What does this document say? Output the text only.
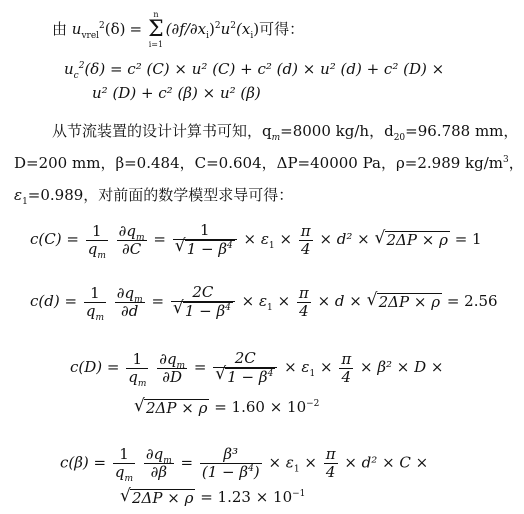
由 $u_{vrel}^2(\delta)$ =
n
Σ
i=1
$(\partial f/\partial x_i)^2u^2(x_i)$可得：
$u_c^2(\delta) = c^2$ (C) × u² (C) + c² (d) × u² (d) + c² (D) ×
u² (D) + c² (β) × u² (β)
从节流装置的设计计算书可知，$q_m=8000$ kg/h，$d_{20}=96.788$ mm，
D=200 mm，β=0.484，C=0.604，ΔP=40000 Pa，ρ=2.989 $kg/m^3$，
$\varepsilon_1=0.989$，对前面的数学模型求导可得：
$c(C) = \frac{1}{q_m}$
$\frac{\partial q_m}{\partial C} = 1$
√ $1 - \beta^4 \times \varepsilon_1 \times \frac{\pi}{4} \times d^2$ × √ 2ΔP × ρ = 1
$c(d) = \frac{1}{q_m}$
$\frac{\partial q_m}{\partial d} = 2C$
√ $1 - \beta^4 \times \varepsilon_1 \times \frac{\pi}{4} \times d$ × √ 2ΔP × ρ = 2.56
$c(D) = \frac{1}{q_m}$
$\frac{\partial q_m}{\partial D} = 2C$
√ $1 - \beta^4 \times \varepsilon_1 \times \frac{\pi}{4} \times \beta^2 \times D$ ×
√ $2\Delta P \times \rho = 1.60 \times 10^{-2}$
$c(\beta) = \frac{1}{q_m}$
$\frac{\partial q_m}{\partial\beta} = \frac{\text{β³}}{(1 - \beta^4)} \times \varepsilon_1 \times \frac{\pi}{4} \times d^2 \times C$ ×
√ $2\Delta P \times \rho = 1.23 \times 10^{-1}$
